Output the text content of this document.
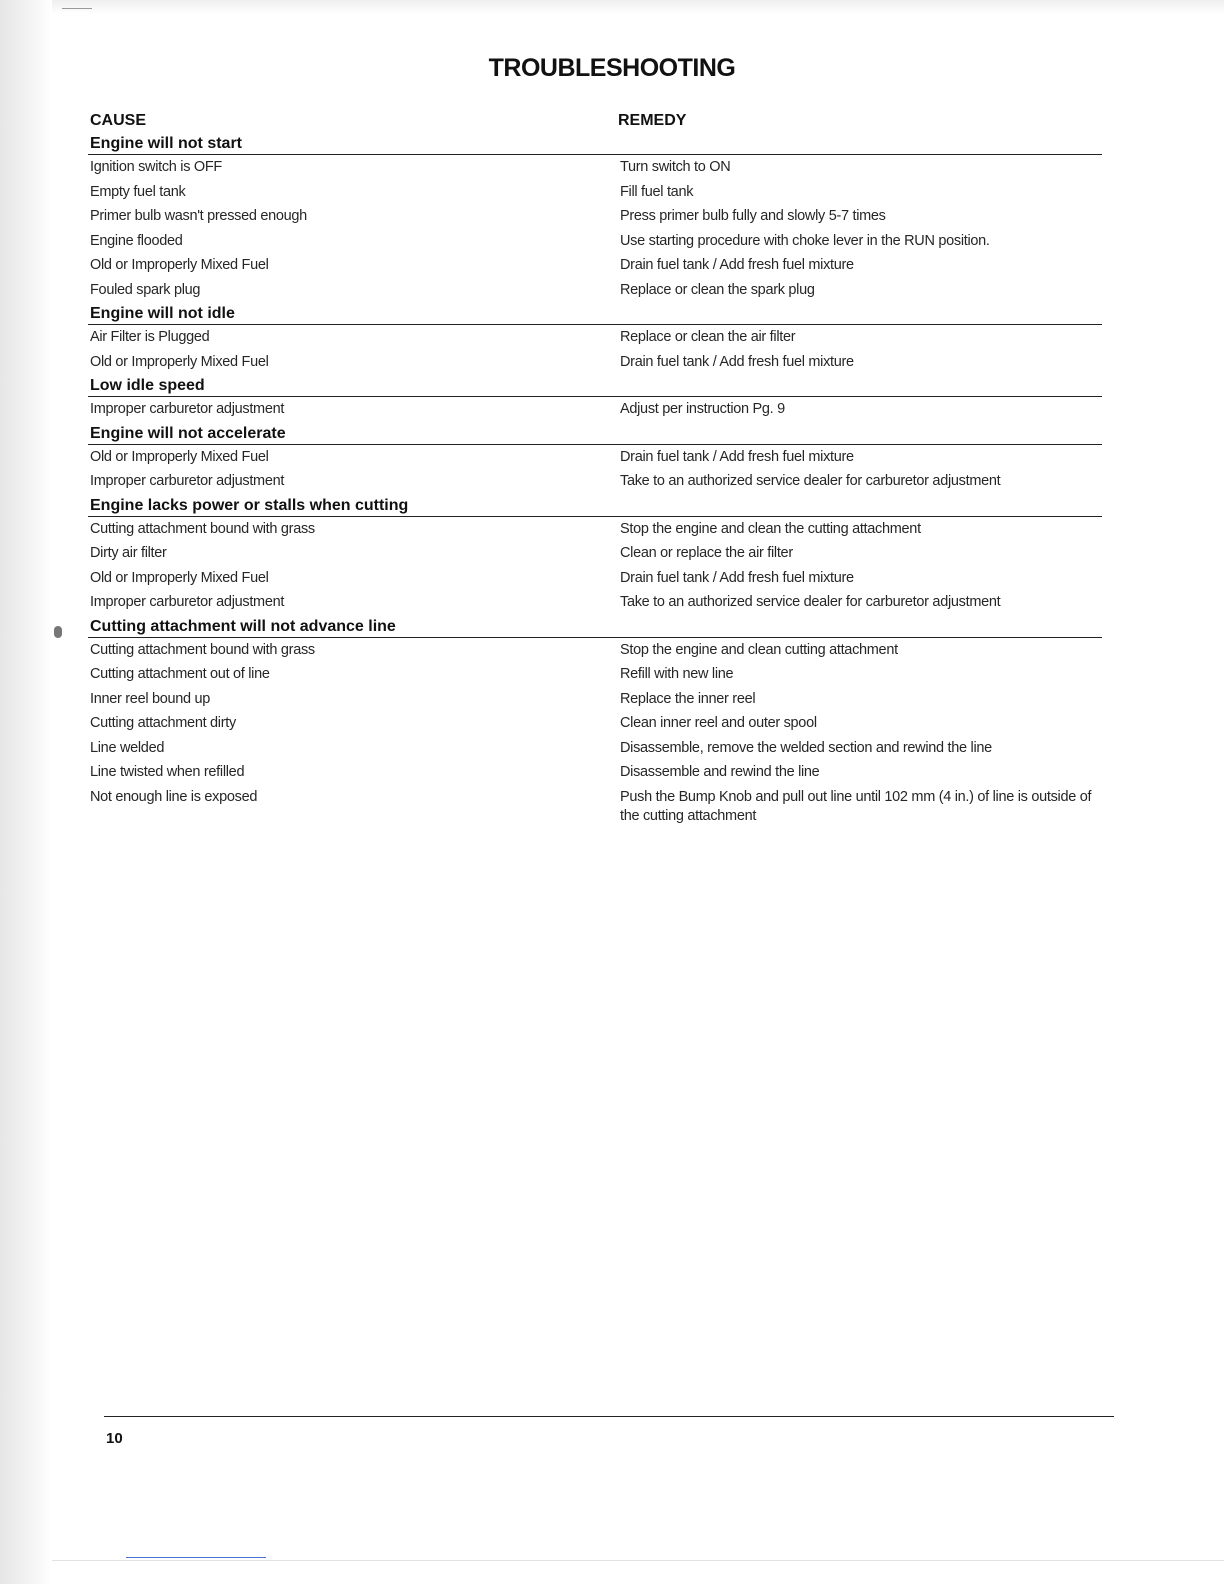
TROUBLESHOOTING
CAUSE	REMEDY
Engine will not start
Ignition switch is OFF	Turn switch to ON
Empty fuel tank	Fill fuel tank
Primer bulb wasn't pressed enough	Press primer bulb fully and slowly 5-7 times
Engine flooded	Use starting procedure with choke lever in the RUN position.
Old or Improperly Mixed Fuel	Drain fuel tank / Add fresh fuel mixture
Fouled spark plug	Replace or clean the spark plug
Engine will not idle
Air Filter is Plugged	Replace or clean the air filter
Old or Improperly Mixed Fuel	Drain fuel tank / Add fresh fuel mixture
Low idle speed
Improper carburetor adjustment	Adjust per instruction Pg. 9
Engine will not accelerate
Old or Improperly Mixed Fuel	Drain fuel tank / Add fresh fuel mixture
Improper carburetor adjustment	Take to an authorized service dealer for carburetor adjustment
Engine lacks power or stalls when cutting
Cutting attachment bound with grass	Stop the engine and clean the cutting attachment
Dirty air filter	Clean or replace the air filter
Old or Improperly Mixed Fuel	Drain fuel tank / Add fresh fuel mixture
Improper carburetor adjustment	Take to an authorized service dealer for carburetor adjustment
Cutting attachment will not advance line
Cutting attachment bound with grass	Stop the engine and clean cutting attachment
Cutting attachment out of line	Refill with new line
Inner reel bound up	Replace the inner reel
Cutting attachment dirty	Clean inner reel and outer spool
Line welded	Disassemble, remove the welded section and rewind the line
Line twisted when refilled	Disassemble and rewind the line
Not enough line is exposed	Push the Bump Knob and pull out line until 102 mm (4 in.) of line is outside of the cutting attachment
10
